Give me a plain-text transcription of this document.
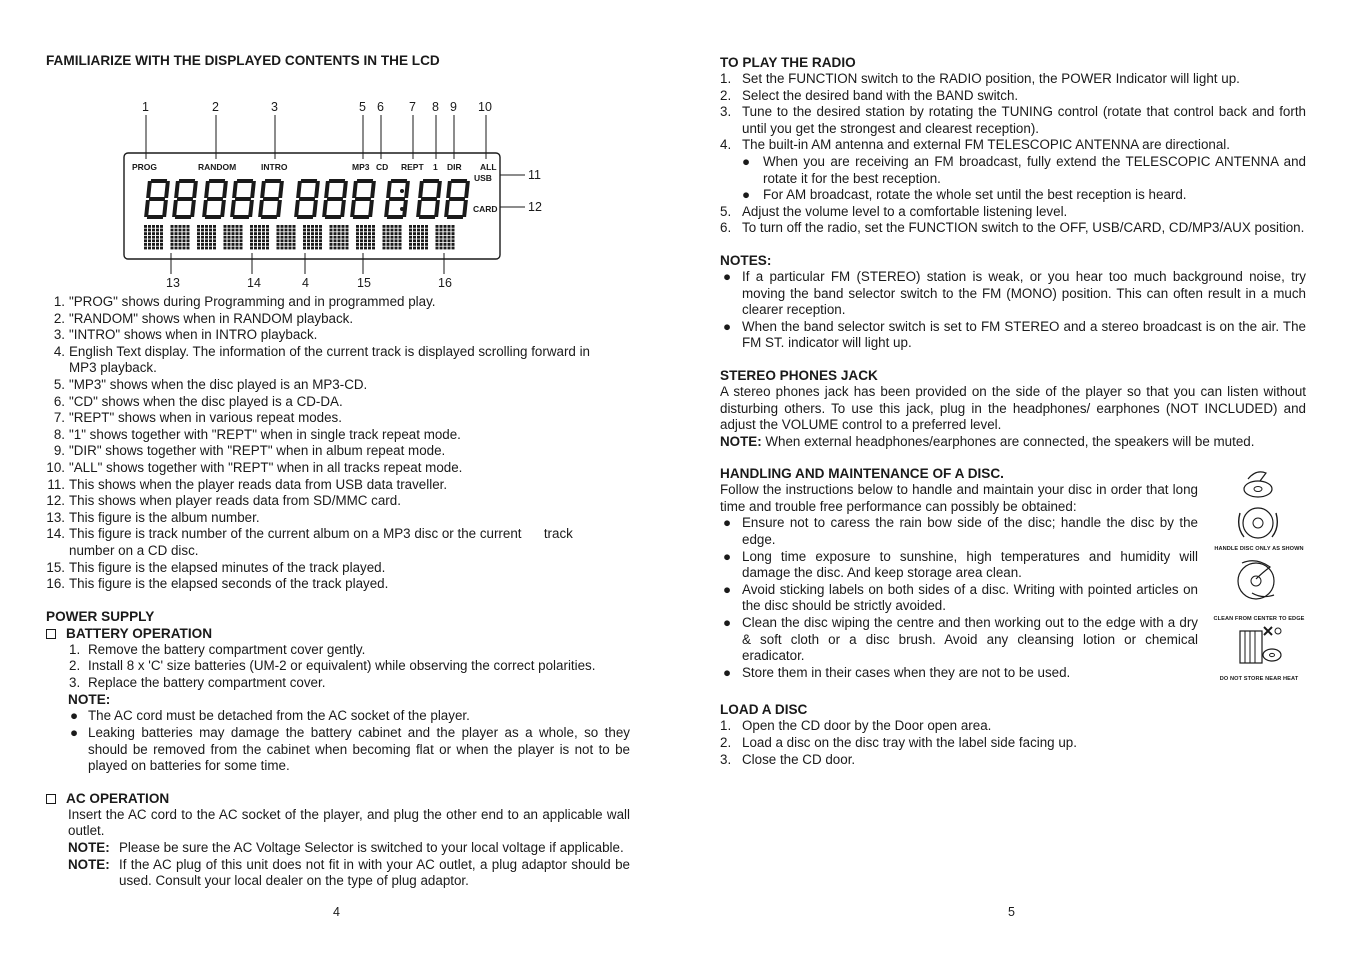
FAMILIARIZE WITH THE DISPLAYED CONTENTS IN THE LCD
1	2	3	5 6 7 8 9 10
11
12
13	14	4	15	16
PROG	RANDOM	INTRO	MP3 CD REPT 1 DIR ALL
USB
CARD
1. "PROG" shows during Programming and in programmed play.
2. "RANDOM" shows when in RANDOM playback.
3. "INTRO" shows when in INTRO playback.
4. English Text display. The information of the current track is displayed scrolling forward in MP3 playback.
5. "MP3" shows when the disc played is an MP3-CD.
6. "CD" shows when the disc played is a CD-DA.
7. "REPT" shows when in various repeat modes.
8. "1" shows together with "REPT" when in single track repeat mode.
9. "DIR" shows together with "REPT" when in album repeat mode.
10. "ALL" shows together with "REPT" when in all tracks repeat mode.
11. This shows when the player reads data from USB data traveller.
12. This shows when player reads data from SD/MMC card.
13. This figure is the album number.
14. This figure is track number of the current album on a MP3 disc or the current      track number on a CD disc.
15. This figure is the elapsed minutes of the track played.
16. This figure is the elapsed seconds of the track played.
POWER SUPPLY
BATTERY OPERATION
1. Remove the battery compartment cover gently.
2. Install 8 x 'C' size batteries (UM-2 or equivalent) while observing the correct polarities.
3. Replace the battery compartment cover.
NOTE:
● The AC cord must be detached from the AC socket of the player.
● Leaking batteries may damage the battery cabinet and the player as a whole, so they should be removed from the cabinet when becoming flat or when the player is not to be played on batteries for some time.
AC OPERATION
Insert the AC cord to the AC socket of the player, and plug the other end to an applicable wall outlet.
NOTE: Please be sure the AC Voltage Selector is switched to your local voltage if applicable.
NOTE: If the AC plug of this unit does not fit in with your AC outlet, a plug adaptor should be used. Consult your local dealer on the type of plug adaptor.
4
TO PLAY THE RADIO
1. Set the FUNCTION switch to the RADIO position, the POWER Indicator will light up.
2. Select the desired band with the BAND switch.
3. Tune to the desired station by rotating the TUNING control (rotate that control back and forth until you get the strongest and clearest reception).
4. The built-in AM antenna and external FM TELESCOPIC ANTENNA are directional.
● When you are receiving an FM broadcast, fully extend the TELESCOPIC ANTENNA and rotate it for the best reception.
● For AM broadcast, rotate the whole set until the best reception is heard.
5. Adjust the volume level to a comfortable listening level.
6. To turn off the radio, set the FUNCTION switch to the OFF, USB/CARD, CD/MP3/AUX position.
NOTES:
● If a particular FM (STEREO) station is weak, or you hear too much background noise, try moving the band selector switch to the FM (MONO) position. This can often result in a much clearer reception.
● When the band selector switch is set to FM STEREO and a stereo broadcast is on the air. The FM ST. indicator will light up.
STEREO PHONES JACK
A stereo phones jack has been provided on the side of the player so that you can listen without disturbing others. To use this jack, plug in the headphones/ earphones (NOT INCLUDED) and adjust the VOLUME control to a preferred level.
NOTE: When external headphones/earphones are connected, the speakers will be muted.
HANDLING AND MAINTENANCE OF A DISC.
Follow the instructions below to handle and maintain your disc in order that long time and trouble free performance can possibly be obtained:
● Ensure not to caress the rain bow side of the disc; handle the disc by the edge.
● Long time exposure to sunshine, high temperatures and humidity will damage the disc. And keep storage area clean.
● Avoid sticking labels on both sides of a disc. Writing with pointed articles on the disc should be strictly avoided.
● Clean the disc wiping the centre and then working out to the edge with a dry & soft cloth or a disc brush. Avoid any cleansing lotion or chemical eradicator.
● Store them in their cases when they are not to be used.
HANDLE DISC ONLY AS SHOWN
CLEAN FROM CENTER TO EDGE
DO NOT STORE NEAR HEAT
LOAD A DISC
1. Open the CD door by the Door open area.
2. Load a disc on the disc tray with the label side facing up.
3. Close the CD door.
5
